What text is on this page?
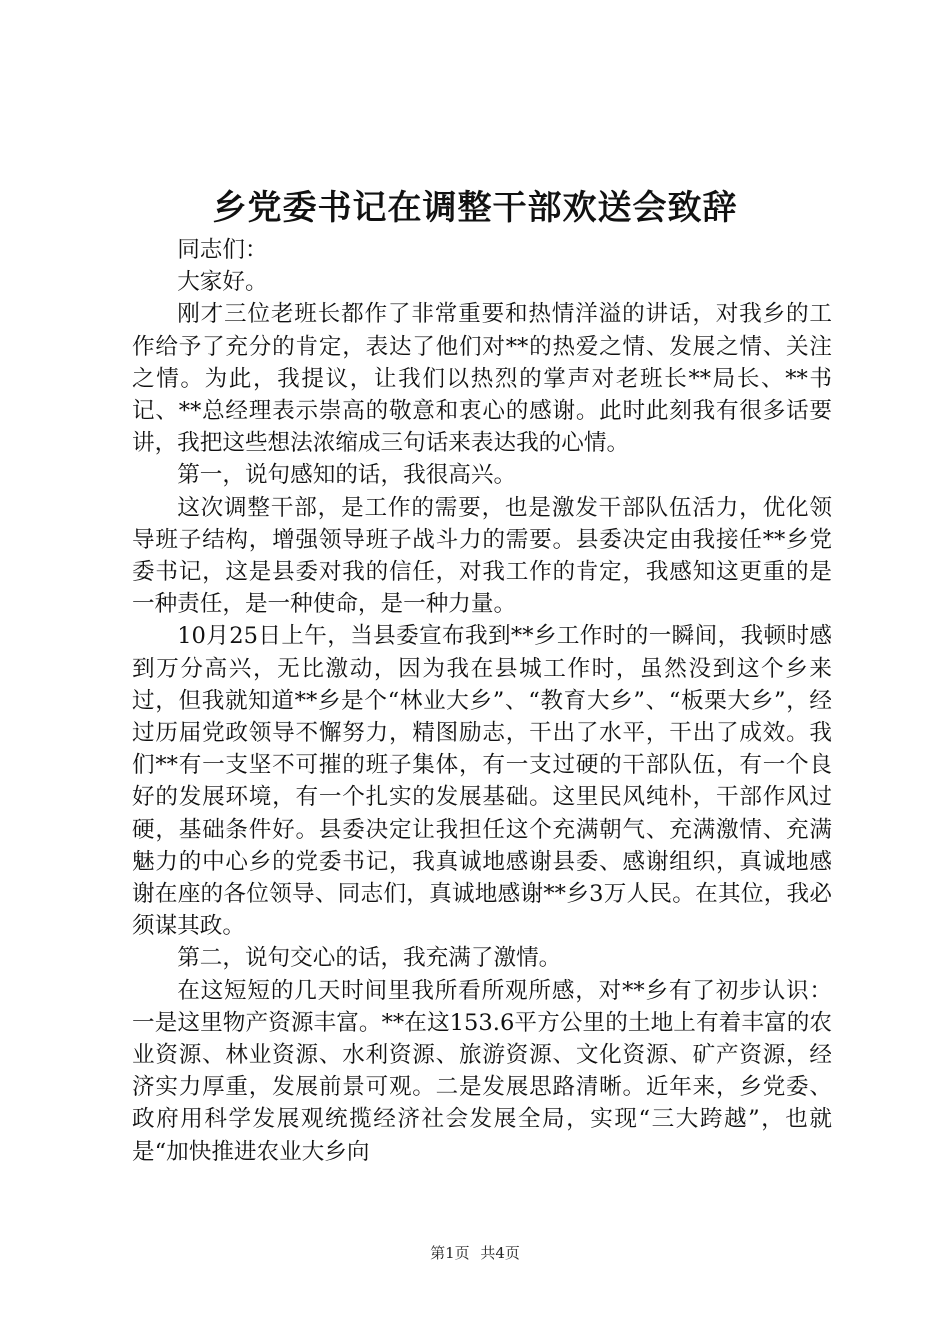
乡党委书记在调整干部欢送会致辞

同志们：

大家好。

刚才三位老班长都作了非常重要和热情洋溢的讲话，对我乡的工作给予了充分的肯定，表达了他们对**的热爱之情、发展之情、关注之情。为此，我提议，让我们以热烈的掌声对老班长**局长、**书记、**总经理表示崇高的敬意和衷心的感谢。此时此刻我有很多话要讲，我把这些想法浓缩成三句话来表达我的心情。

第一，说句感知的话，我很高兴。

这次调整干部，是工作的需要，也是激发干部队伍活力，优化领导班子结构，增强领导班子战斗力的需要。县委决定由我接任**乡党委书记，这是县委对我的信任，对我工作的肯定，我感知这更重的是一种责任，是一种使命，是一种力量。

10月25日上午，当县委宣布我到**乡工作时的一瞬间，我顿时感到万分高兴，无比激动，因为我在县城工作时，虽然没到这个乡来过，但我就知道**乡是个“林业大乡”、“教育大乡”、“板栗大乡”，经过历届党政领导不懈努力，精图励志，干出了水平，干出了成效。我们**有一支坚不可摧的班子集体，有一支过硬的干部队伍，有一个良好的发展环境，有一个扎实的发展基础。这里民风纯朴，干部作风过硬，基础条件好。县委决定让我担任这个充满朝气、充满激情、充满魅力的中心乡的党委书记，我真诚地感谢县委、感谢组织，真诚地感谢在座的各位领导、同志们，真诚地感谢**乡3万人民。在其位，我必须谋其政。

第二，说句交心的话，我充满了激情。

在这短短的几天时间里我所看所观所感，对**乡有了初步认识：一是这里物产资源丰富。**在这153.6平方公里的土地上有着丰富的农业资源、林业资源、水利资源、旅游资源、文化资源、矿产资源，经济实力厚重，发展前景可观。二是发展思路清晰。近年来，乡党委、政府用科学发展观统揽经济社会发展全局，实现“三大跨越”，也就是“加快推进农业大乡向

第1页 共4页
